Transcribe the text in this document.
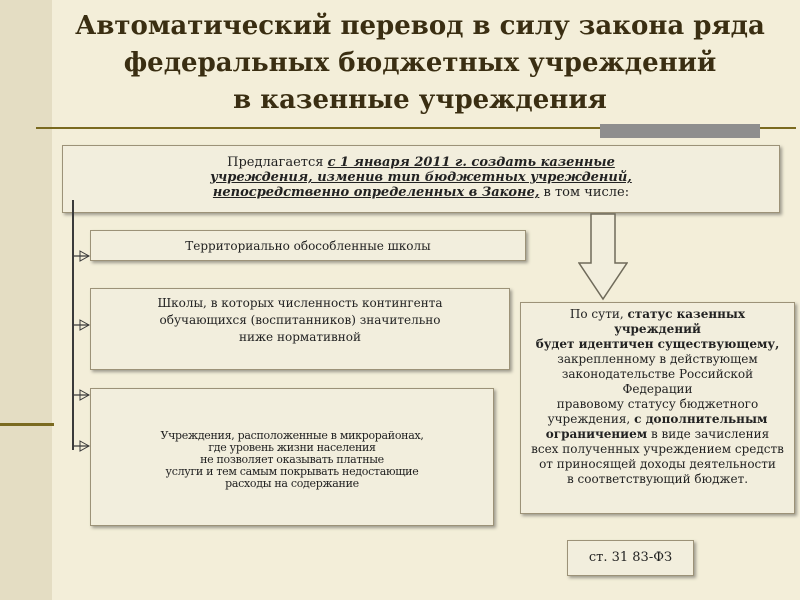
Автоматический перевод в силу закона ряда
федеральных бюджетных учреждений
в казенные учреждения
Предлагается с 1 января 2011 г. создать казенные
учреждения, изменив тип бюджетных учреждений,
непосредственно определенных в Законе, в том числе:
Территориально обособленные школы
Школы, в которых численность контингента
обучающихся (воспитанников) значительно
ниже нормативной
Учреждения, расположенные в микрорайонах,
где уровень жизни населения
не позволяет оказывать платные
услуги и тем самым покрывать недостающие
расходы на содержание
По сути, статус казенных
учреждений
будет идентичен существующему,
закрепленному в действующем
законодательстве Российской
Федерации
правовому статусу бюджетного
учреждения, с дополнительным
ограничением в виде зачисления
всех полученных учреждением средств
от приносящей доходы деятельности
в соответствующий бюджет.
ст. 31 83-ФЗ
